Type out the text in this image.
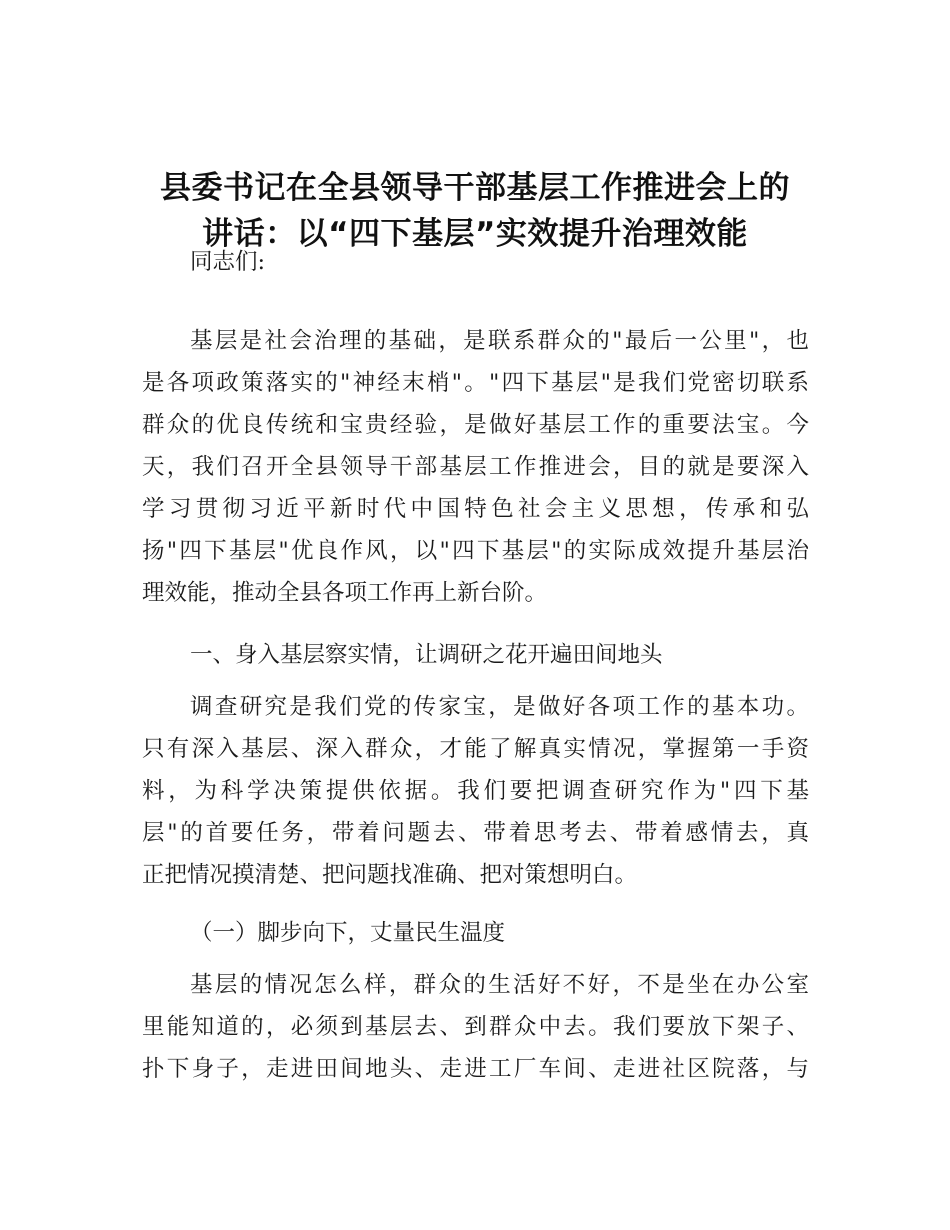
县委书记在全县领导干部基层工作推进会上的
讲话：以“四下基层”实效提升治理效能
同志们:
基层是社会治理的基础，是联系群众的"最后一公里"，也
是各项政策落实的"神经末梢"。"四下基层"是我们党密切联系
群众的优良传统和宝贵经验，是做好基层工作的重要法宝。今
天，我们召开全县领导干部基层工作推进会，目的就是要深入
学习贯彻习近平新时代中国特色社会主义思想，传承和弘
扬"四下基层"优良作风，以"四下基层"的实际成效提升基层治
理效能，推动全县各项工作再上新台阶。
一、身入基层察实情，让调研之花开遍田间地头
调查研究是我们党的传家宝，是做好各项工作的基本功。
只有深入基层、深入群众，才能了解真实情况，掌握第一手资
料，为科学决策提供依据。我们要把调查研究作为"四下基
层"的首要任务，带着问题去、带着思考去、带着感情去，真
正把情况摸清楚、把问题找准确、把对策想明白。
（一）脚步向下，丈量民生温度
基层的情况怎么样，群众的生活好不好，不是坐在办公室
里能知道的，必须到基层去、到群众中去。我们要放下架子、
扑下身子，走进田间地头、走进工厂车间、走进社区院落，与
